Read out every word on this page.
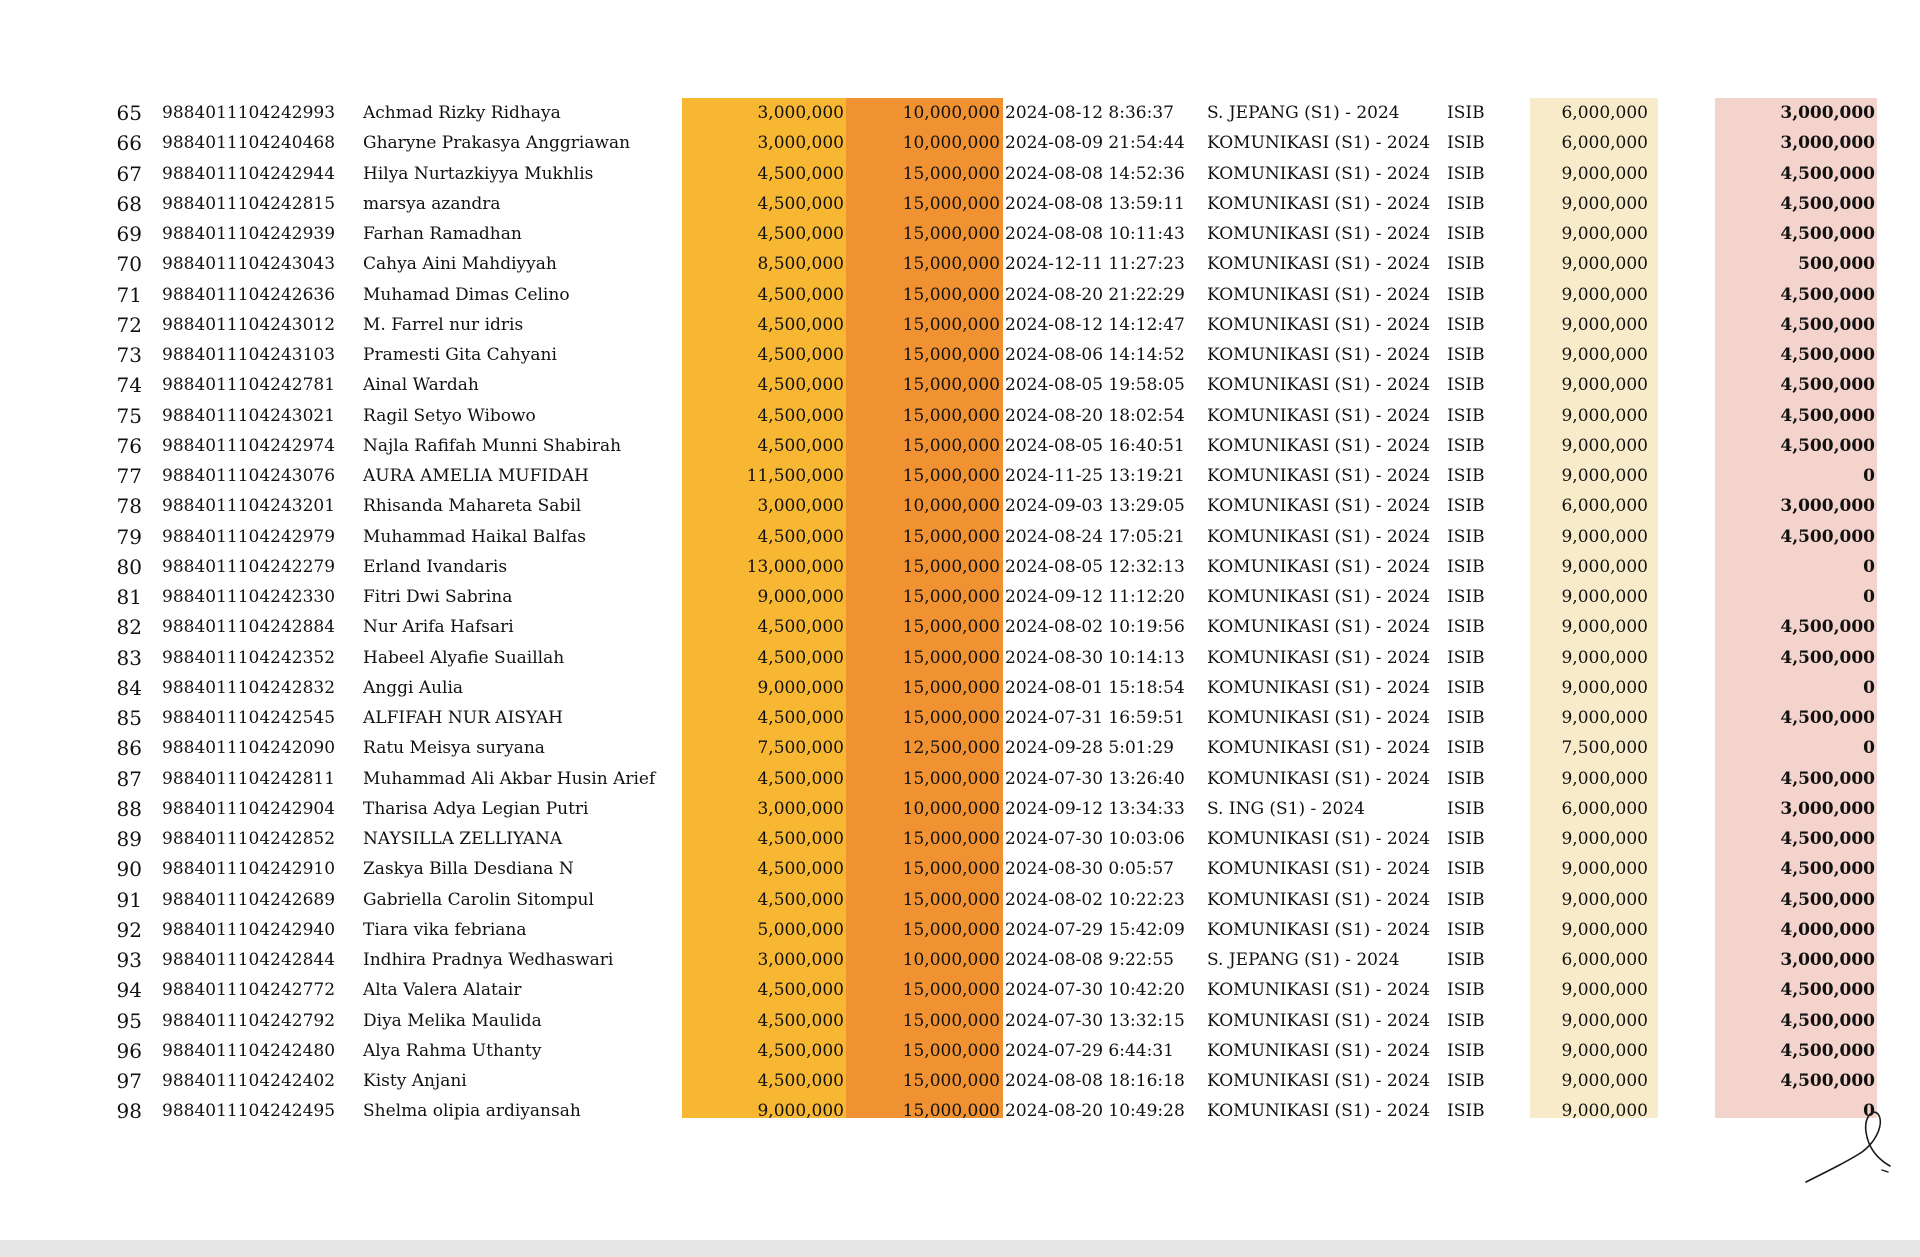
65 9884011104242993	Achmad Rizky Ridhaya	3,000,000	10,000,000 2024-08-12 8:36:37	S. JEPANG (S1) - 2024	ISIB	6,000,000	3,000,000
66 9884011104240468	Gharyne Prakasya Anggriawan	3,000,000	10,000,000 2024-08-09 21:54:44	KOMUNIKASI (S1) - 2024 ISIB	6,000,000	3,000,000
67 9884011104242944	Hilya Nurtazkiyya Mukhlis	4,500,000	15,000,000 2024-08-08 14:52:36	KOMUNIKASI (S1) - 2024 ISIB	9,000,000	4,500,000
68 9884011104242815	marsya azandra	4,500,000	15,000,000 2024-08-08 13:59:11	KOMUNIKASI (S1) - 2024 ISIB	9,000,000	4,500,000
69 9884011104242939	Farhan Ramadhan	4,500,000	15,000,000 2024-08-08 10:11:43	KOMUNIKASI (S1) - 2024 ISIB	9,000,000	4,500,000
70 9884011104243043	Cahya Aini Mahdiyyah	8,500,000	15,000,000 2024-12-11 11:27:23	KOMUNIKASI (S1) - 2024 ISIB	9,000,000	500,000
71 9884011104242636	Muhamad Dimas Celino	4,500,000	15,000,000 2024-08-20 21:22:29	KOMUNIKASI (S1) - 2024 ISIB	9,000,000	4,500,000
72 9884011104243012	M. Farrel nur idris	4,500,000	15,000,000 2024-08-12 14:12:47	KOMUNIKASI (S1) - 2024 ISIB	9,000,000	4,500,000
73 9884011104243103	Pramesti Gita Cahyani	4,500,000	15,000,000 2024-08-06 14:14:52	KOMUNIKASI (S1) - 2024 ISIB	9,000,000	4,500,000
74 9884011104242781	Ainal Wardah	4,500,000	15,000,000 2024-08-05 19:58:05	KOMUNIKASI (S1) - 2024 ISIB	9,000,000	4,500,000
75 9884011104243021	Ragil Setyo Wibowo	4,500,000	15,000,000 2024-08-20 18:02:54	KOMUNIKASI (S1) - 2024 ISIB	9,000,000	4,500,000
76 9884011104242974	Najla Rafifah Munni Shabirah	4,500,000	15,000,000 2024-08-05 16:40:51	KOMUNIKASI (S1) - 2024 ISIB	9,000,000	4,500,000
77 9884011104243076	AURA AMELIA MUFIDAH	11,500,000	15,000,000 2024-11-25 13:19:21	KOMUNIKASI (S1) - 2024 ISIB	9,000,000	0
78 9884011104243201	Rhisanda Mahareta Sabil	3,000,000	10,000,000 2024-09-03 13:29:05	KOMUNIKASI (S1) - 2024 ISIB	6,000,000	3,000,000
79 9884011104242979	Muhammad Haikal Balfas	4,500,000	15,000,000 2024-08-24 17:05:21	KOMUNIKASI (S1) - 2024 ISIB	9,000,000	4,500,000
80 9884011104242279	Erland Ivandaris	13,000,000	15,000,000 2024-08-05 12:32:13	KOMUNIKASI (S1) - 2024 ISIB	9,000,000	0
81 9884011104242330	Fitri Dwi Sabrina	9,000,000	15,000,000 2024-09-12 11:12:20	KOMUNIKASI (S1) - 2024 ISIB	9,000,000	0
82 9884011104242884	Nur Arifa Hafsari	4,500,000	15,000,000 2024-08-02 10:19:56	KOMUNIKASI (S1) - 2024 ISIB	9,000,000	4,500,000
83 9884011104242352	Habeel Alyafie Suaillah	4,500,000	15,000,000 2024-08-30 10:14:13	KOMUNIKASI (S1) - 2024 ISIB	9,000,000	4,500,000
84 9884011104242832	Anggi Aulia	9,000,000	15,000,000 2024-08-01 15:18:54	KOMUNIKASI (S1) - 2024 ISIB	9,000,000	0
85 9884011104242545	ALFIFAH NUR AISYAH	4,500,000	15,000,000 2024-07-31 16:59:51	KOMUNIKASI (S1) - 2024 ISIB	9,000,000	4,500,000
86 9884011104242090	Ratu Meisya suryana	7,500,000	12,500,000 2024-09-28 5:01:29	KOMUNIKASI (S1) - 2024 ISIB	7,500,000	0
87 9884011104242811	Muhammad Ali Akbar Husin Arief	4,500,000	15,000,000 2024-07-30 13:26:40	KOMUNIKASI (S1) - 2024 ISIB	9,000,000	4,500,000
88 9884011104242904	Tharisa Adya Legian Putri	3,000,000	10,000,000 2024-09-12 13:34:33	S. ING (S1) - 2024	ISIB	6,000,000	3,000,000
89 9884011104242852	NAYSILLA ZELLIYANA	4,500,000	15,000,000 2024-07-30 10:03:06	KOMUNIKASI (S1) - 2024 ISIB	9,000,000	4,500,000
90 9884011104242910	Zaskya Billa Desdiana N	4,500,000	15,000,000 2024-08-30 0:05:57	KOMUNIKASI (S1) - 2024 ISIB	9,000,000	4,500,000
91 9884011104242689	Gabriella Carolin Sitompul	4,500,000	15,000,000 2024-08-02 10:22:23	KOMUNIKASI (S1) - 2024 ISIB	9,000,000	4,500,000
92 9884011104242940	Tiara vika febriana	5,000,000	15,000,000 2024-07-29 15:42:09	KOMUNIKASI (S1) - 2024 ISIB	9,000,000	4,000,000
93 9884011104242844	Indhira Pradnya Wedhaswari	3,000,000	10,000,000 2024-08-08 9:22:55	S. JEPANG (S1) - 2024	ISIB	6,000,000	3,000,000
94 9884011104242772	Alta Valera Alatair	4,500,000	15,000,000 2024-07-30 10:42:20	KOMUNIKASI (S1) - 2024 ISIB	9,000,000	4,500,000
95 9884011104242792	Diya Melika Maulida	4,500,000	15,000,000 2024-07-30 13:32:15	KOMUNIKASI (S1) - 2024 ISIB	9,000,000	4,500,000
96 9884011104242480	Alya Rahma Uthanty	4,500,000	15,000,000 2024-07-29 6:44:31	KOMUNIKASI (S1) - 2024 ISIB	9,000,000	4,500,000
97 9884011104242402	Kisty Anjani	4,500,000	15,000,000 2024-08-08 18:16:18	KOMUNIKASI (S1) - 2024 ISIB	9,000,000	4,500,000
98 9884011104242495	Shelma olipia ardiyansah	9,000,000	15,000,000 2024-08-20 10:49:28	KOMUNIKASI (S1) - 2024 ISIB	9,000,000	0
